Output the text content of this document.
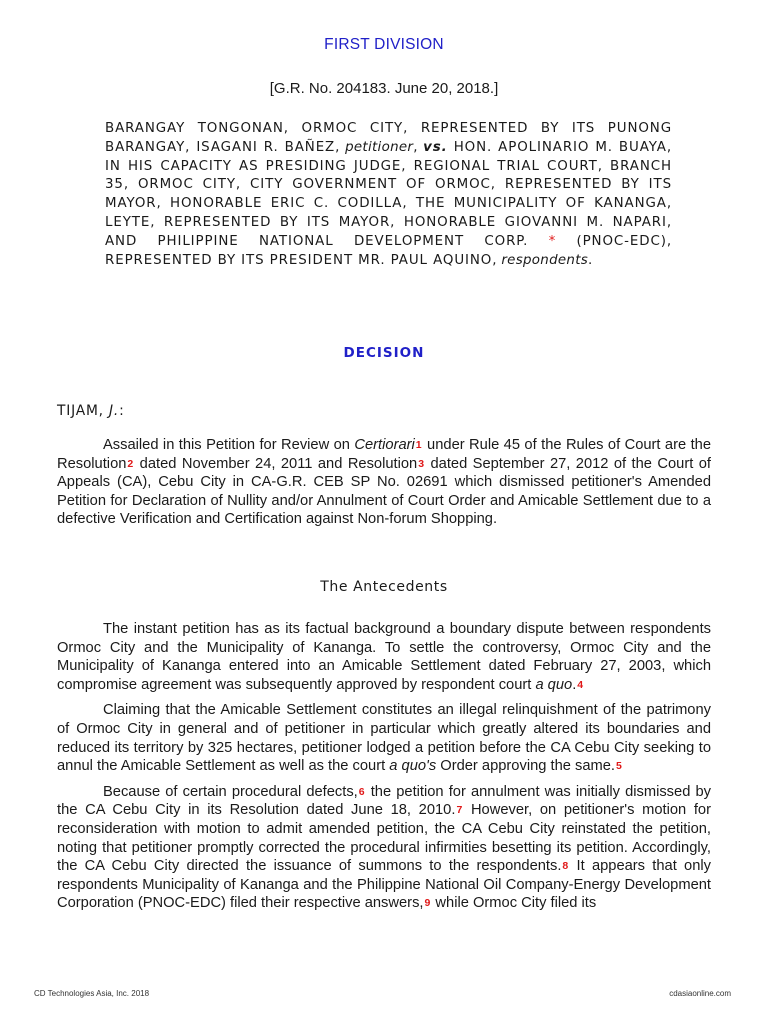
FIRST DIVISION
[G.R. No. 204183. June 20, 2018.]
BARANGAY TONGONAN, ORMOC CITY, REPRESENTED BY ITS PUNONG BARANGAY, ISAGANI R. BAÑEZ, petitioner, vs. HON. APOLINARIO M. BUAYA, IN HIS CAPACITY AS PRESIDING JUDGE, REGIONAL TRIAL COURT, BRANCH 35, ORMOC CITY, CITY GOVERNMENT OF ORMOC, REPRESENTED BY ITS MAYOR, HONORABLE ERIC C. CODILLA, THE MUNICIPALITY OF KANANGA, LEYTE, REPRESENTED BY ITS MAYOR, HONORABLE GIOVANNI M. NAPARI, AND PHILIPPINE NATIONAL DEVELOPMENT CORP. * (PNOC-EDC), REPRESENTED BY ITS PRESIDENT MR. PAUL AQUINO, respondents.
DECISION
TIJAM, J.:

Assailed in this Petition for Review on Certiorari1 under Rule 45 of the Rules of Court are the Resolution2 dated November 24, 2011 and Resolution3 dated September 27, 2012 of the Court of Appeals (CA), Cebu City in CA-G.R. CEB SP No. 02691 which dismissed petitioner's Amended Petition for Declaration of Nullity and/or Annulment of Court Order and Amicable Settlement due to a defective Verification and Certification against Non-forum Shopping.

The Antecedents

The instant petition has as its factual background a boundary dispute between respondents Ormoc City and the Municipality of Kananga. To settle the controversy, Ormoc City and the Municipality of Kananga entered into an Amicable Settlement dated February 27, 2003, which compromise agreement was subsequently approved by respondent court a quo.4

Claiming that the Amicable Settlement constitutes an illegal relinquishment of the patrimony of Ormoc City in general and of petitioner in particular which greatly altered its boundaries and reduced its territory by 325 hectares, petitioner lodged a petition before the CA Cebu City seeking to annul the Amicable Settlement as well as the court a quo's Order approving the same.5

Because of certain procedural defects,6 the petition for annulment was initially dismissed by the CA Cebu City in its Resolution dated June 18, 2010.7 However, on petitioner's motion for reconsideration with motion to admit amended petition, the CA Cebu City reinstated the petition, noting that petitioner promptly corrected the procedural infirmities besetting its petition. Accordingly, the CA Cebu City directed the issuance of summons to the respondents.8 It appears that only respondents Municipality of Kananga and the Philippine National Oil Company-Energy Development Corporation (PNOC-EDC) filed their respective answers,9 while Ormoc City filed its

CD Technologies Asia, Inc. 2018	cdasiaonline.com
